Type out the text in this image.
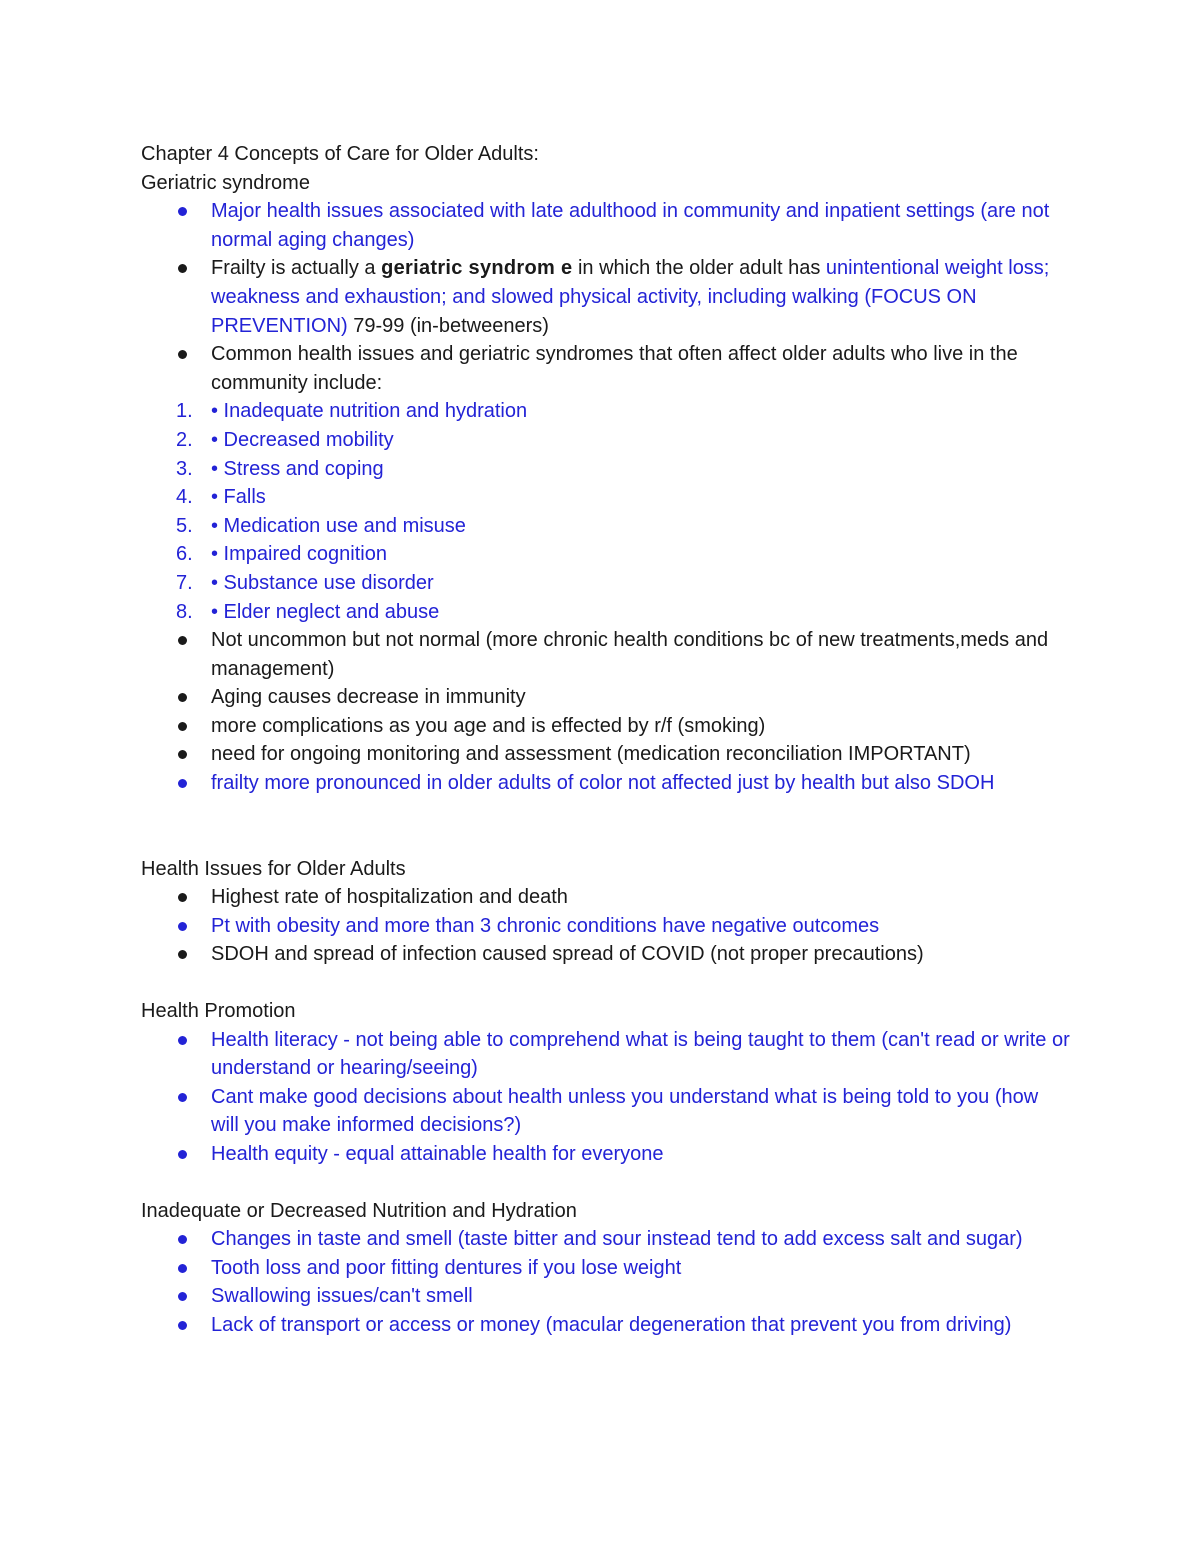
Chapter 4 Concepts of Care for Older Adults:
Geriatric syndrome
Major health issues associated with late adulthood in community and inpatient settings (are not normal aging changes)
Frailty is actually a geriatric syndrom e in which the older adult has unintentional weight loss; weakness and exhaustion; and slowed physical activity, including walking (FOCUS ON PREVENTION) 79-99 (in-betweeners)
Common health issues and geriatric syndromes that often affect older adults who live in the community include:
1. • Inadequate nutrition and hydration
2. • Decreased mobility
3. • Stress and coping
4. • Falls
5. • Medication use and misuse
6. • Impaired cognition
7. • Substance use disorder
8. • Elder neglect and abuse
Not uncommon but not normal (more chronic health conditions bc of new treatments,meds and management)
Aging causes decrease in immunity
more complications as you age and is effected by r/f (smoking)
need for ongoing monitoring and assessment (medication reconciliation IMPORTANT)
frailty more pronounced in older adults of color not affected just by health but also SDOH
Health Issues for Older Adults
Highest rate of hospitalization and death
Pt with obesity and more than 3 chronic conditions have negative outcomes
SDOH and spread of infection caused spread of COVID (not proper precautions)
Health Promotion
Health literacy - not being able to comprehend what is being taught to them (can't read or write or understand or hearing/seeing)
Cant make good decisions about health unless you understand what is being told to you (how will you make informed decisions?)
Health equity - equal attainable health for everyone
Inadequate or Decreased Nutrition and Hydration
Changes in taste and smell (taste bitter and sour instead tend to add excess salt and sugar)
Tooth loss and poor fitting dentures if you lose weight
Swallowing issues/can't smell
Lack of transport or access or money (macular degeneration that prevent you from driving)
